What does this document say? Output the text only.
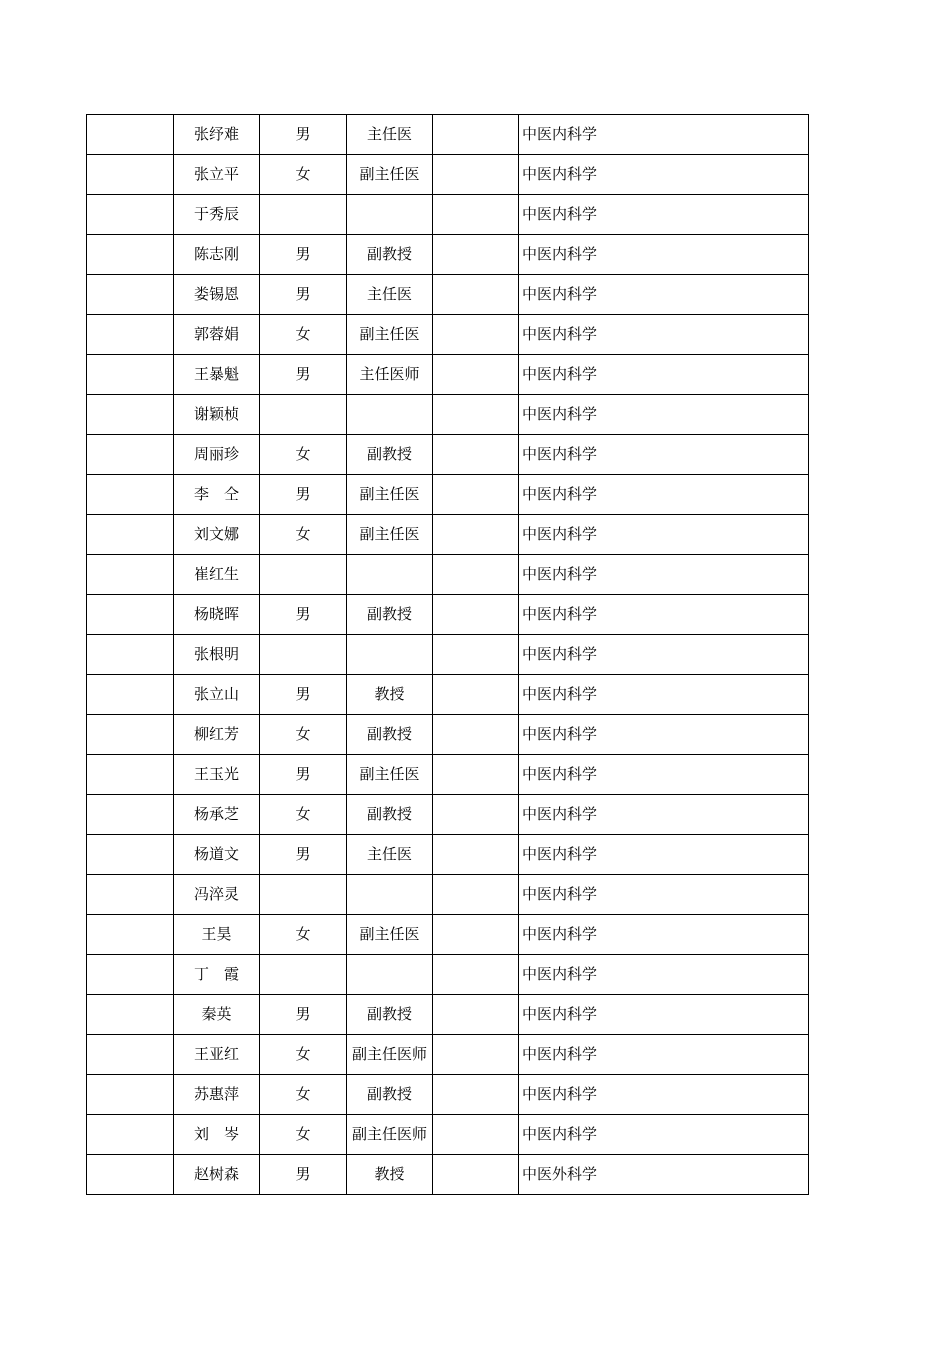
	张纾难	男	主任医		中医内科学
	张立平	女	副主任医		中医内科学
	于秀辰				中医内科学
	陈志刚	男	副教授		中医内科学
	娄锡恩	男	主任医		中医内科学
	郭蓉娟	女	副主任医		中医内科学
	王暴魁	男	主任医师		中医内科学
	谢颖桢				中医内科学
	周丽珍	女	副教授		中医内科学
	李　仝	男	副主任医		中医内科学
	刘文娜	女	副主任医		中医内科学
	崔红生				中医内科学
	杨晓晖	男	副教授		中医内科学
	张根明				中医内科学
	张立山	男	教授		中医内科学
	柳红芳	女	副教授		中医内科学
	王玉光	男	副主任医		中医内科学
	杨承芝	女	副教授		中医内科学
	杨道文	男	主任医		中医内科学
	冯淬灵				中医内科学
	王昊	女	副主任医		中医内科学
	丁　霞				中医内科学
	秦英	男	副教授		中医内科学
	王亚红	女	副主任医师		中医内科学
	苏惠萍	女	副教授		中医内科学
	刘　岑	女	副主任医师		中医内科学
	赵树森	男	教授		中医外科学
